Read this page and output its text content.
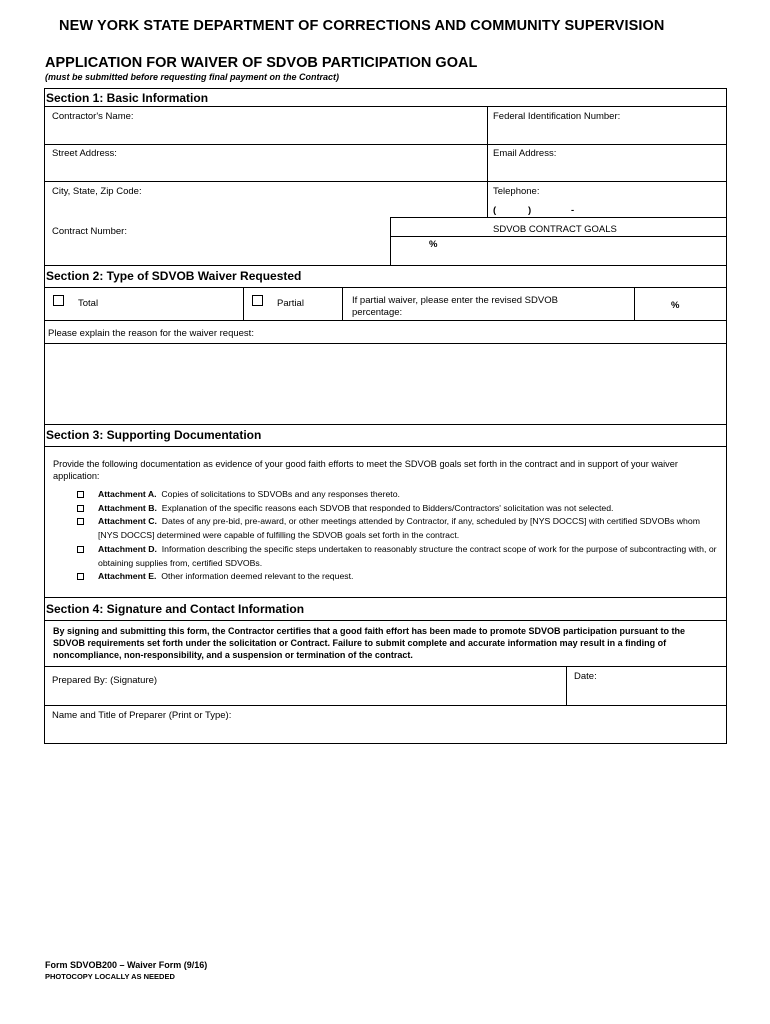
NEW YORK STATE DEPARTMENT OF CORRECTIONS AND COMMUNITY SUPERVISION
APPLICATION FOR WAIVER OF SDVOB PARTICIPATION GOAL
(must be submitted before requesting final payment on the Contract)
Section 1: Basic Information
Contractor's Name:	Federal Identification Number:
Street Address:	Email Address:
City, State, Zip Code:	Telephone:
(	)	-
Contract Number:	SDVOB CONTRACT GOALS
%
Section 2: Type of SDVOB Waiver Requested
Total	Partial	If partial waiver, please enter the revised SDVOB percentage:
%
Please explain the reason for the waiver request:
Section 3: Supporting Documentation
Provide the following documentation as evidence of your good faith efforts to meet the SDVOB goals set forth in the contract and in support of your waiver application:
Attachment A. Copies of solicitations to SDVOBs and any responses thereto.
Attachment B. Explanation of the specific reasons each SDVOB that responded to Bidders/Contractors' solicitation was not selected.
Attachment C. Dates of any pre-bid, pre-award, or other meetings attended by Contractor, if any, scheduled by [NYS DOCCS] with certified SDVOBs whom [NYS DOCCS] determined were capable of fulfilling the SDVOB goals set forth in the contract.
Attachment D. Information describing the specific steps undertaken to reasonably structure the contract scope of work for the purpose of subcontracting with, or obtaining supplies from, certified SDVOBs.
Attachment E. Other information deemed relevant to the request.
Section 4: Signature and Contact Information
By signing and submitting this form, the Contractor certifies that a good faith effort has been made to promote SDVOB participation pursuant to the SDVOB requirements set forth under the solicitation or Contract. Failure to submit complete and accurate information may result in a finding of noncompliance, non-responsibility, and a suspension or termination of the contract.
Prepared By: (Signature)	Date:
Name and Title of Preparer (Print or Type):
Form SDVOB200 – Waiver Form (9/16)
PHOTOCOPY LOCALLY AS NEEDED
